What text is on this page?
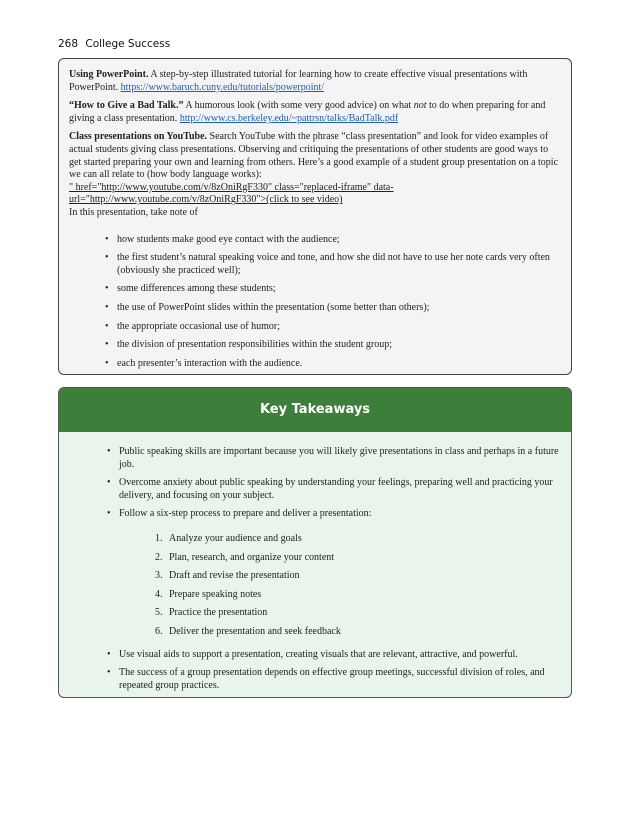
268 College Success

Using PowerPoint. A step-by-step illustrated tutorial for learning how to create effective visual presentations with PowerPoint. https://www.baruch.cuny.edu/tutorials/powerpoint/

“How to Give a Bad Talk.” A humorous look (with some very good advice) on what not to do when preparing for and giving a class presentation. http://www.cs.berkeley.edu/~pattrsn/talks/BadTalk.pdf

Class presentations on YouTube. Search YouTube with the phrase “class presentation” and look for video examples of actual students giving class presentations. Observing and critiquing the presentations of other students are good ways to get started preparing your own and learning from others. Here’s a good example of a student group presentation on a topic we can all relate to (how body language works):

" href="http://www.youtube.com/v/8zOniRgF330" class="replaced-iframe" data-url="http://www.youtube.com/v/8zOniRgF330">(click to see video)

In this presentation, take note of

• how students make good eye contact with the audience;
• the first student’s natural speaking voice and tone, and how she did not have to use her note cards very often (obviously she practiced well);
• some differences among these students;
• the use of PowerPoint slides within the presentation (some better than others);
• the appropriate occasional use of humor;
• the division of presentation responsibilities within the student group;
• each presenter’s interaction with the audience.
Key Takeaways
• Public speaking skills are important because you will likely give presentations in class and perhaps in a future job.
• Overcome anxiety about public speaking by understanding your feelings, preparing well and practicing your delivery, and focusing on your subject.
• Follow a six-step process to prepare and deliver a presentation:
1. Analyze your audience and goals
2. Plan, research, and organize your content
3. Draft and revise the presentation
4. Prepare speaking notes
5. Practice the presentation
6. Deliver the presentation and seek feedback
• Use visual aids to support a presentation, creating visuals that are relevant, attractive, and powerful.
• The success of a group presentation depends on effective group meetings, successful division of roles, and repeated group practices.
